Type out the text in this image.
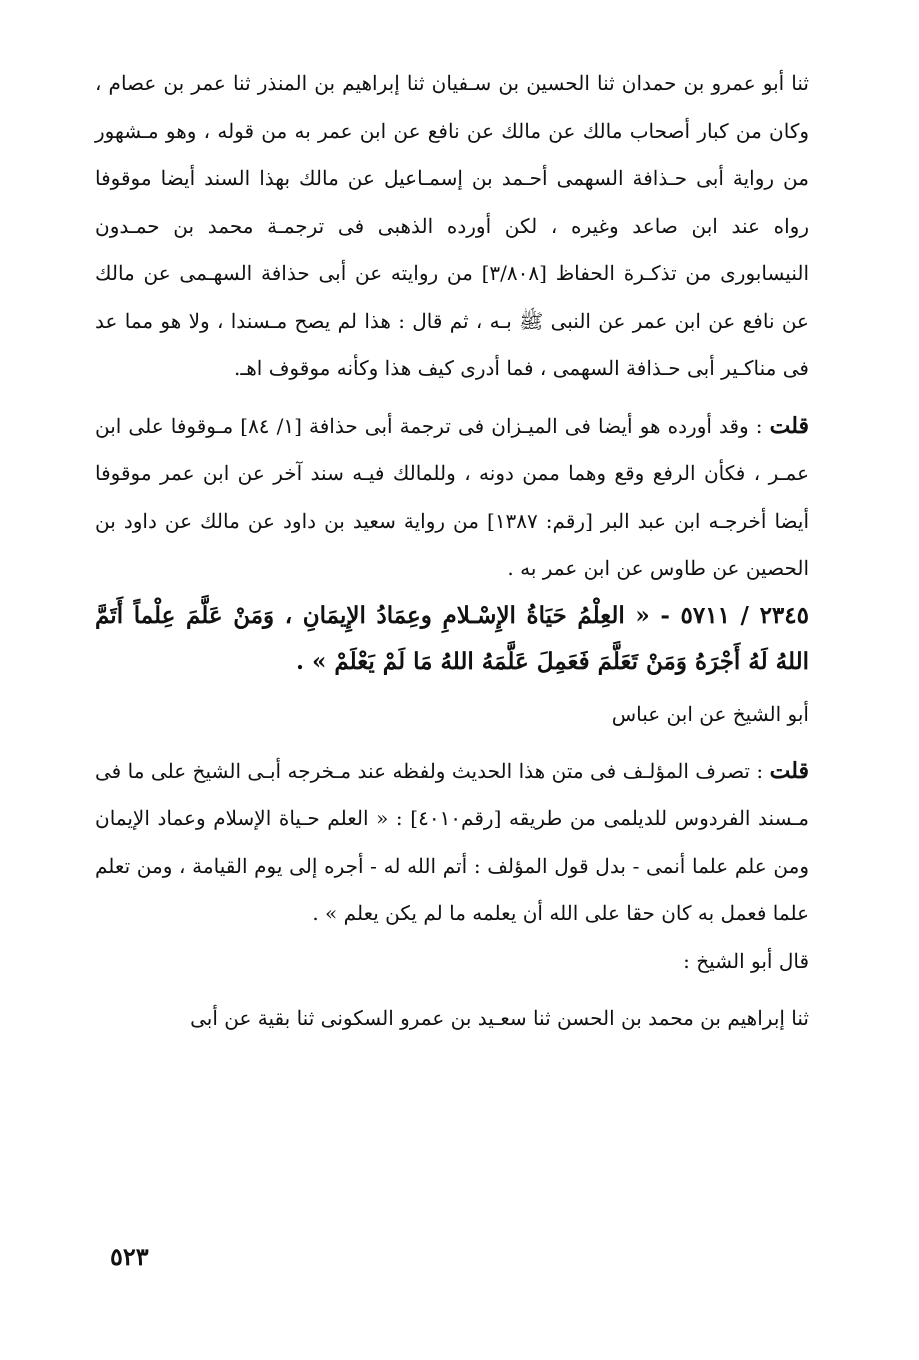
ثنا أبو عمرو بن حمدان ثنا الحسين بن سـفيان ثنا إبراهيم بن المنذر ثنا عمر بن عصام ، وكان من كبار أصحاب مالك عن مالك عن نافع عن ابن عمر به من قوله ، وهو مـشهور من رواية أبى حـذافة السهمى أحـمد بن إسمـاعيل عن مالك بهذا السند أيضا موقوفا رواه عند ابن صاعد وغيره ، لكن أورده الذهبى فى ترجمـة محمد بن حمـدون النيسابورى من تذكـرة الحفاظ [٣/٨٠٨] من روايته عن أبى حذافة السهـمى عن مالك عن نافع عن ابن عمر عن النبى ﷺ بـه ، ثم قال : هذا لم يصح مـسندا ، ولا هو مما عد فى مناكـير أبى حـذافة السهمى ، فما أدرى كيف هذا وكأنه موقوف اهـ.

قلت : وقد أورده هو أيضا فى الميـزان فى ترجمة أبى حذافة [١/ ٨٤] مـوقوفا على ابن عمـر ، فكأن الرفع وقع وهما ممن دونه ، وللمالك فيـه سند آخر عن ابن عمر موقوفا أيضا أخرجـه ابن عبد البر [رقم: ١٣٨٧] من رواية سعيد بن داود عن مالك عن داود بن الحصين عن طاوس عن ابن عمر به .

٢٣٤٥ / ٥٧١١ - « العِلْمُ حَيَاةُ الإِسْـلامِ وعِمَادُ الإِيمَانِ ، وَمَنْ عَلَّمَ عِلْماً أَتَمَّ اللهُ لَهُ أَجْرَهُ وَمَنْ تَعَلَّمَ فَعَمِلَ عَلَّمَهُ اللهُ مَا لَمْ يَعْلَمْ » .

أبو الشيخ عن ابن عباس

قلت : تصرف المؤلـف فى متن هذا الحديث ولفظه عند مـخرجه أبـى الشيخ على ما فى مـسند الفردوس للديلمى من طريقه [رقم٤٠١٠] : « العلم حـياة الإسلام وعماد الإيمان ومن علم علما أنمى - بدل قول المؤلف : أتم الله له - أجره إلى يوم القيامة ، ومن تعلم علما فعمل به كان حقا على الله أن يعلمه ما لم يكن يعلم » .

قال أبو الشيخ :

ثنا إبراهيم بن محمد بن الحسن ثنا سعـيد بن عمرو السكونى ثنا بقية عن أبى

٥٢٣
